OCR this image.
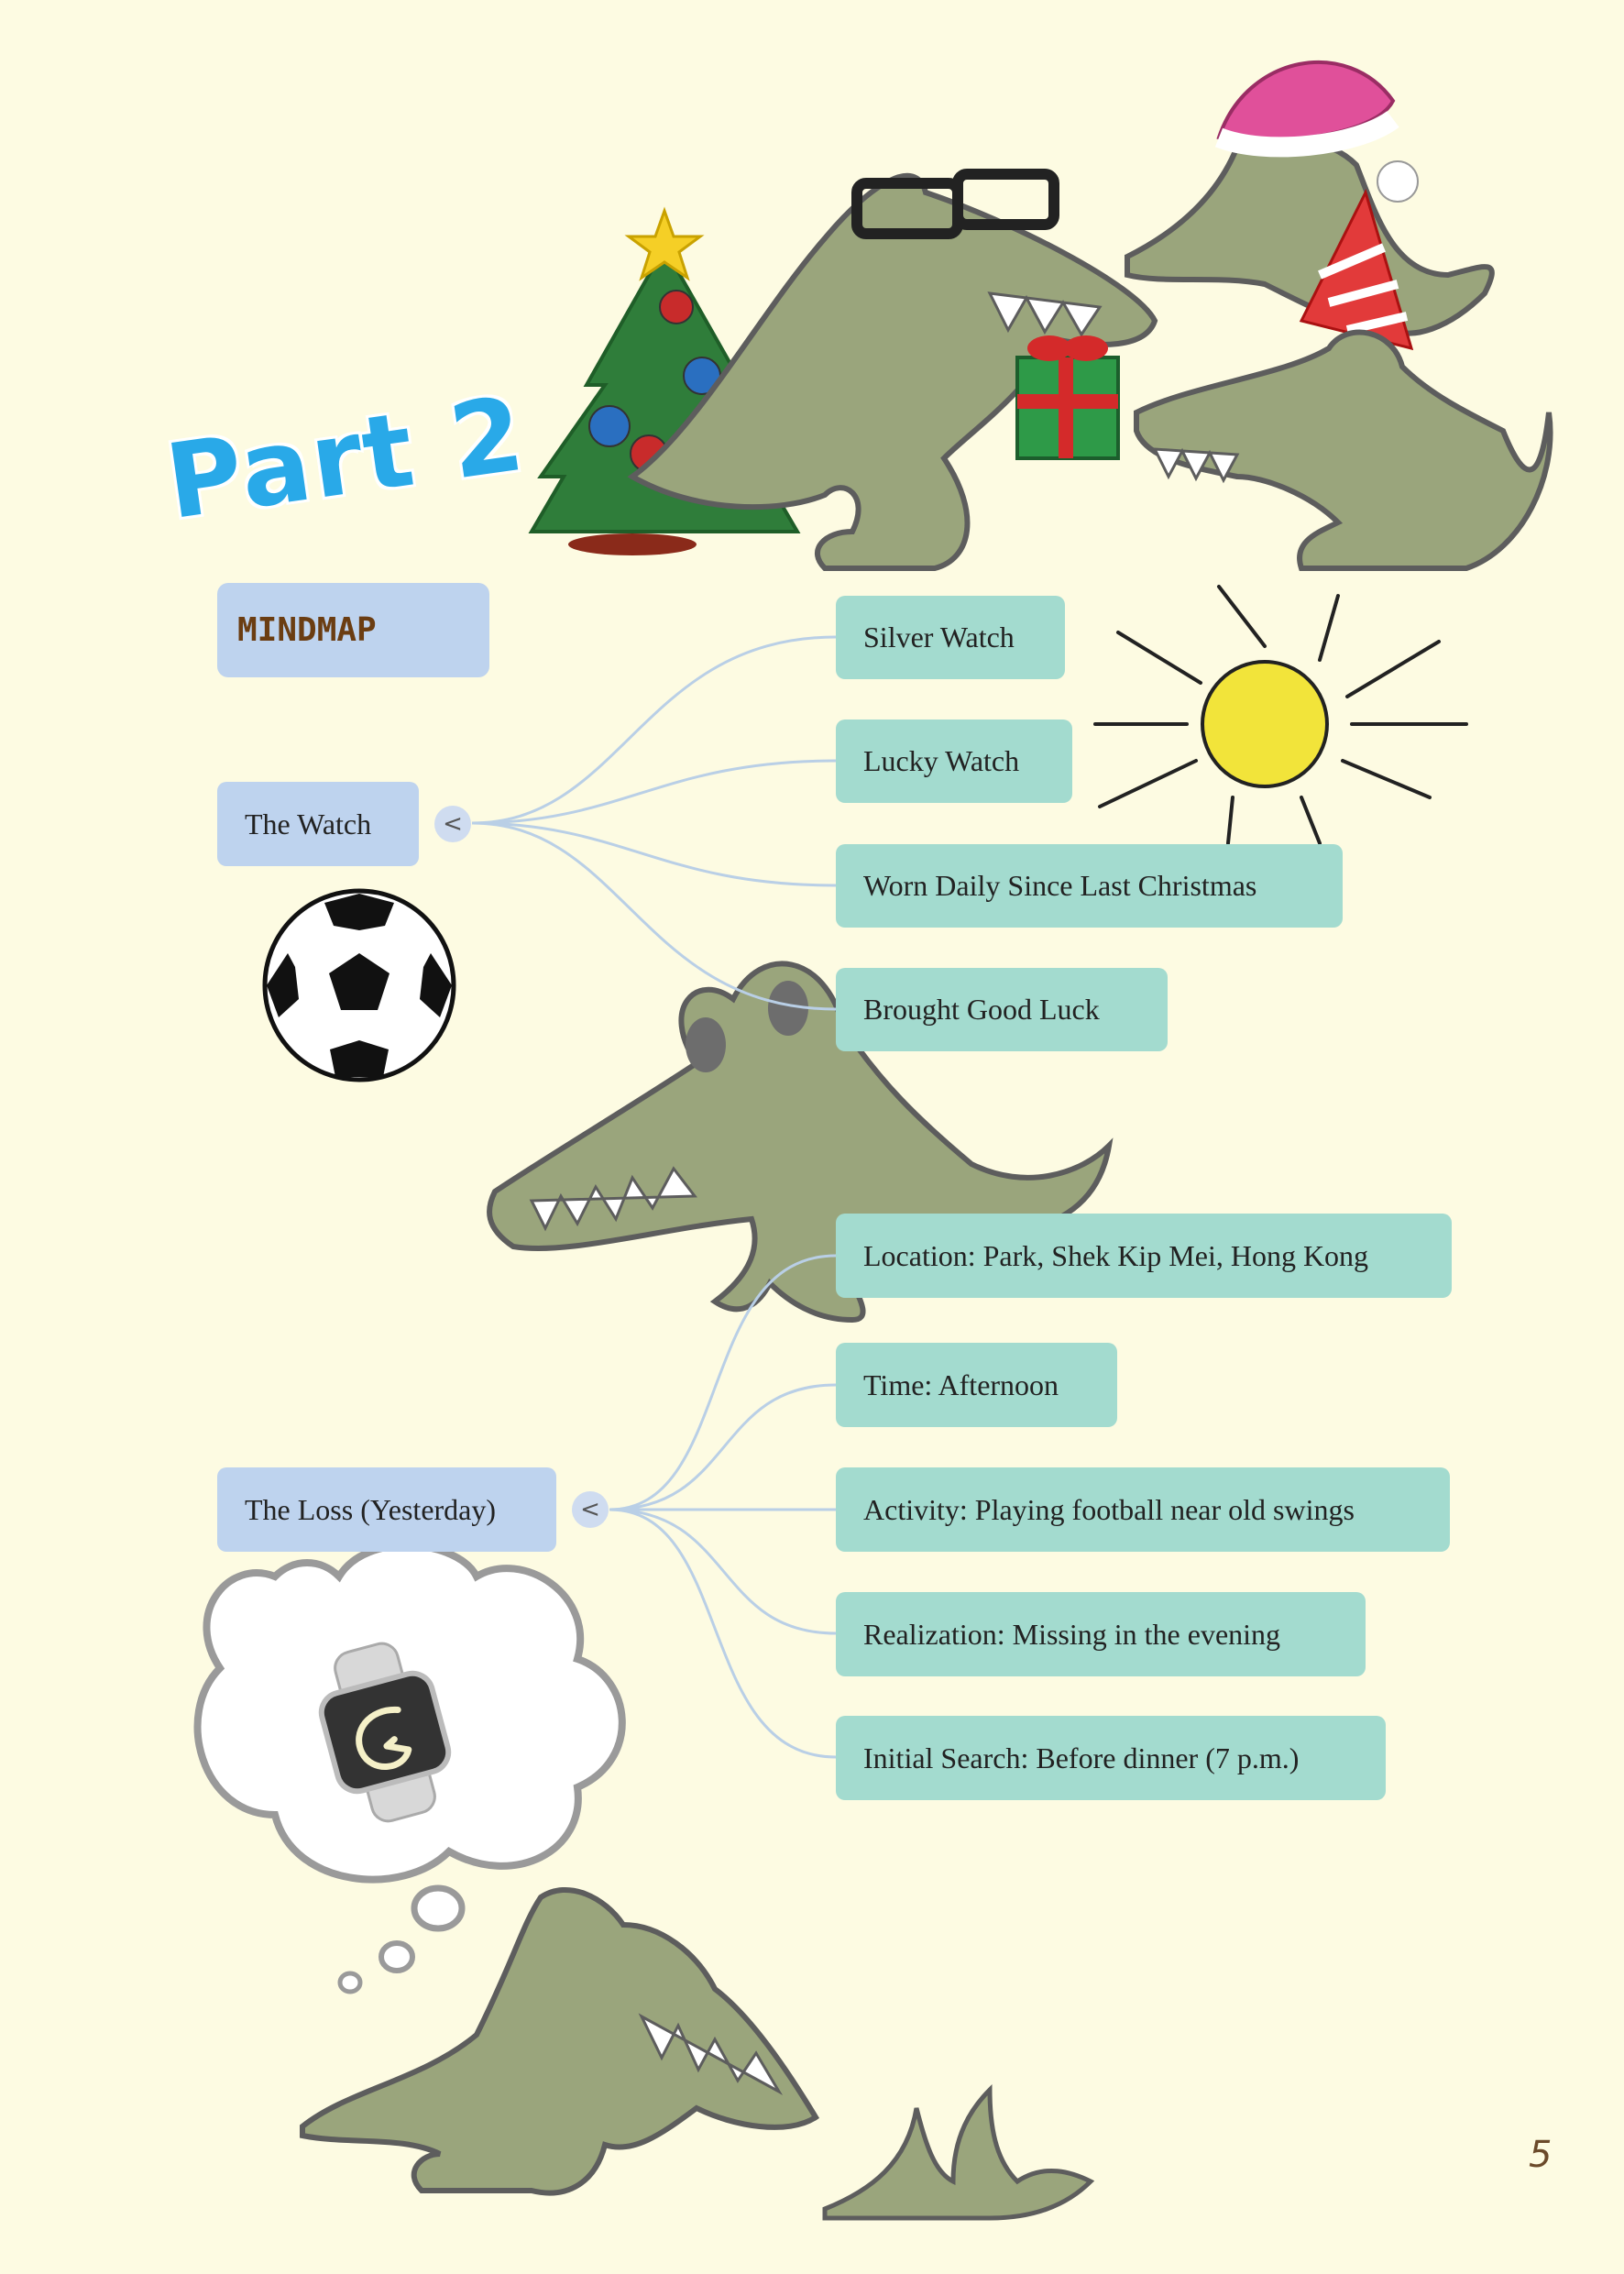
Part 2
MINDMAP
The Watch	<
Silver Watch
Lucky Watch
Worn Daily Since Last Christmas
Brought Good Luck
The Loss (Yesterday)	<
Location: Park, Shek Kip Mei, Hong Kong
Time: Afternoon
Activity: Playing football near old swings
Realization: Missing in the evening
Initial Search: Before dinner (7 p.m.)
5
